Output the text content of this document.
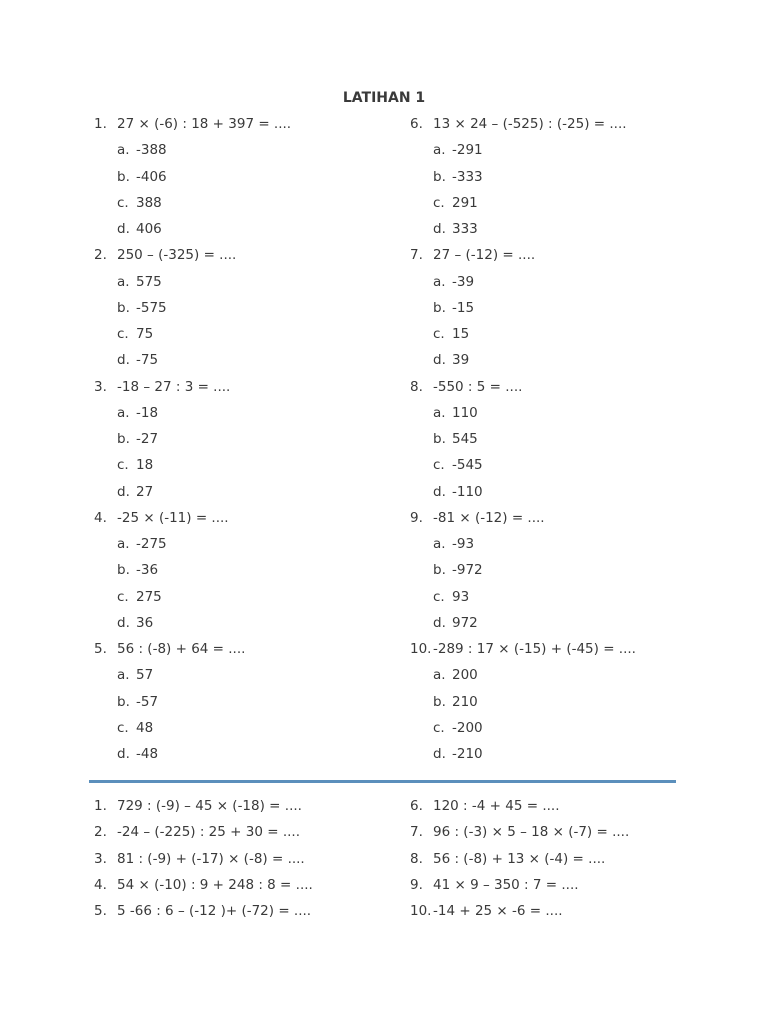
LATIHAN 1
1. 27 × (-6) : 18 + 397 = ....
a. -388
b. -406
c. 388
d. 406
2. 250 – (-325) = ....
a. 575
b. -575
c. 75
d. -75
3. -18 – 27 : 3 = ....
a. -18
b. -27
c. 18
d. 27
4. -25 × (-11) = ....
a. -275
b. -36
c. 275
d. 36
5. 56 : (-8) + 64 = ....
a. 57
b. -57
c. 48
d. -48
6. 13 × 24 – (-525) : (-25) = ....
a. -291
b. -333
c. 291
d. 333
7. 27 – (-12) = ....
a. -39
b. -15
c. 15
d. 39
8. -550 : 5 = ....
a. 110
b. 545
c. -545
d. -110
9. -81 × (-12) = ....
a. -93
b. -972
c. 93
d. 972
10. -289 : 17 × (-15) + (-45) = ....
a. 200
b. 210
c. -200
d. -210
1. 729 : (-9) – 45 × (-18) = ....
2. -24 – (-225) : 25 + 30 = ....
3. 81 : (-9) + (-17) × (-8) = ....
4. 54 × (-10) : 9 + 248 : 8 = ....
5. 5 -66 : 6 – (-12 )+ (-72) = ....
6. 120 : -4 + 45 = ....
7. 96 : (-3) × 5 – 18 × (-7) = ....
8. 56 : (-8) + 13 × (-4) = ....
9. 41 × 9 – 350 : 7 = ....
10. -14 + 25 × -6 = ....
